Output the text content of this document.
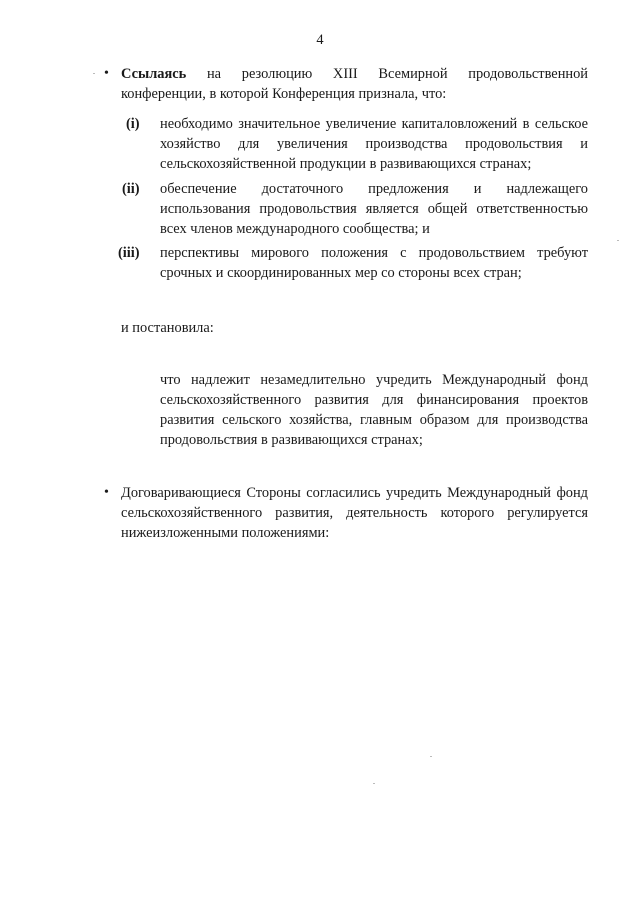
4
• Ссылаясь на резолюцию XIII Всемирной продовольственной конференции, в которой Конференция признала, что:
(i) необходимо значительное увеличение капиталовложений в сельское хозяйство для увеличения производства продовольствия и сельскохозяйственной продукции в развивающихся странах;
(ii) обеспечение достаточного предложения и надлежащего использования продовольствия является общей ответственностью всех членов международного сообщества; и
(iii) перспективы мирового положения с продовольствием требуют срочных и скоординированных мер со стороны всех стран;
и постановила:
что надлежит незамедлительно учредить Международный фонд сельскохозяйственного развития для финансирования проектов развития сельского хозяйства, главным образом для производства продовольствия в развивающихся странах;
• Договаривающиеся Стороны согласились учредить Международный фонд сельскохозяйственного развития, деятельность которого регулируется нижеизложенными положениями:
